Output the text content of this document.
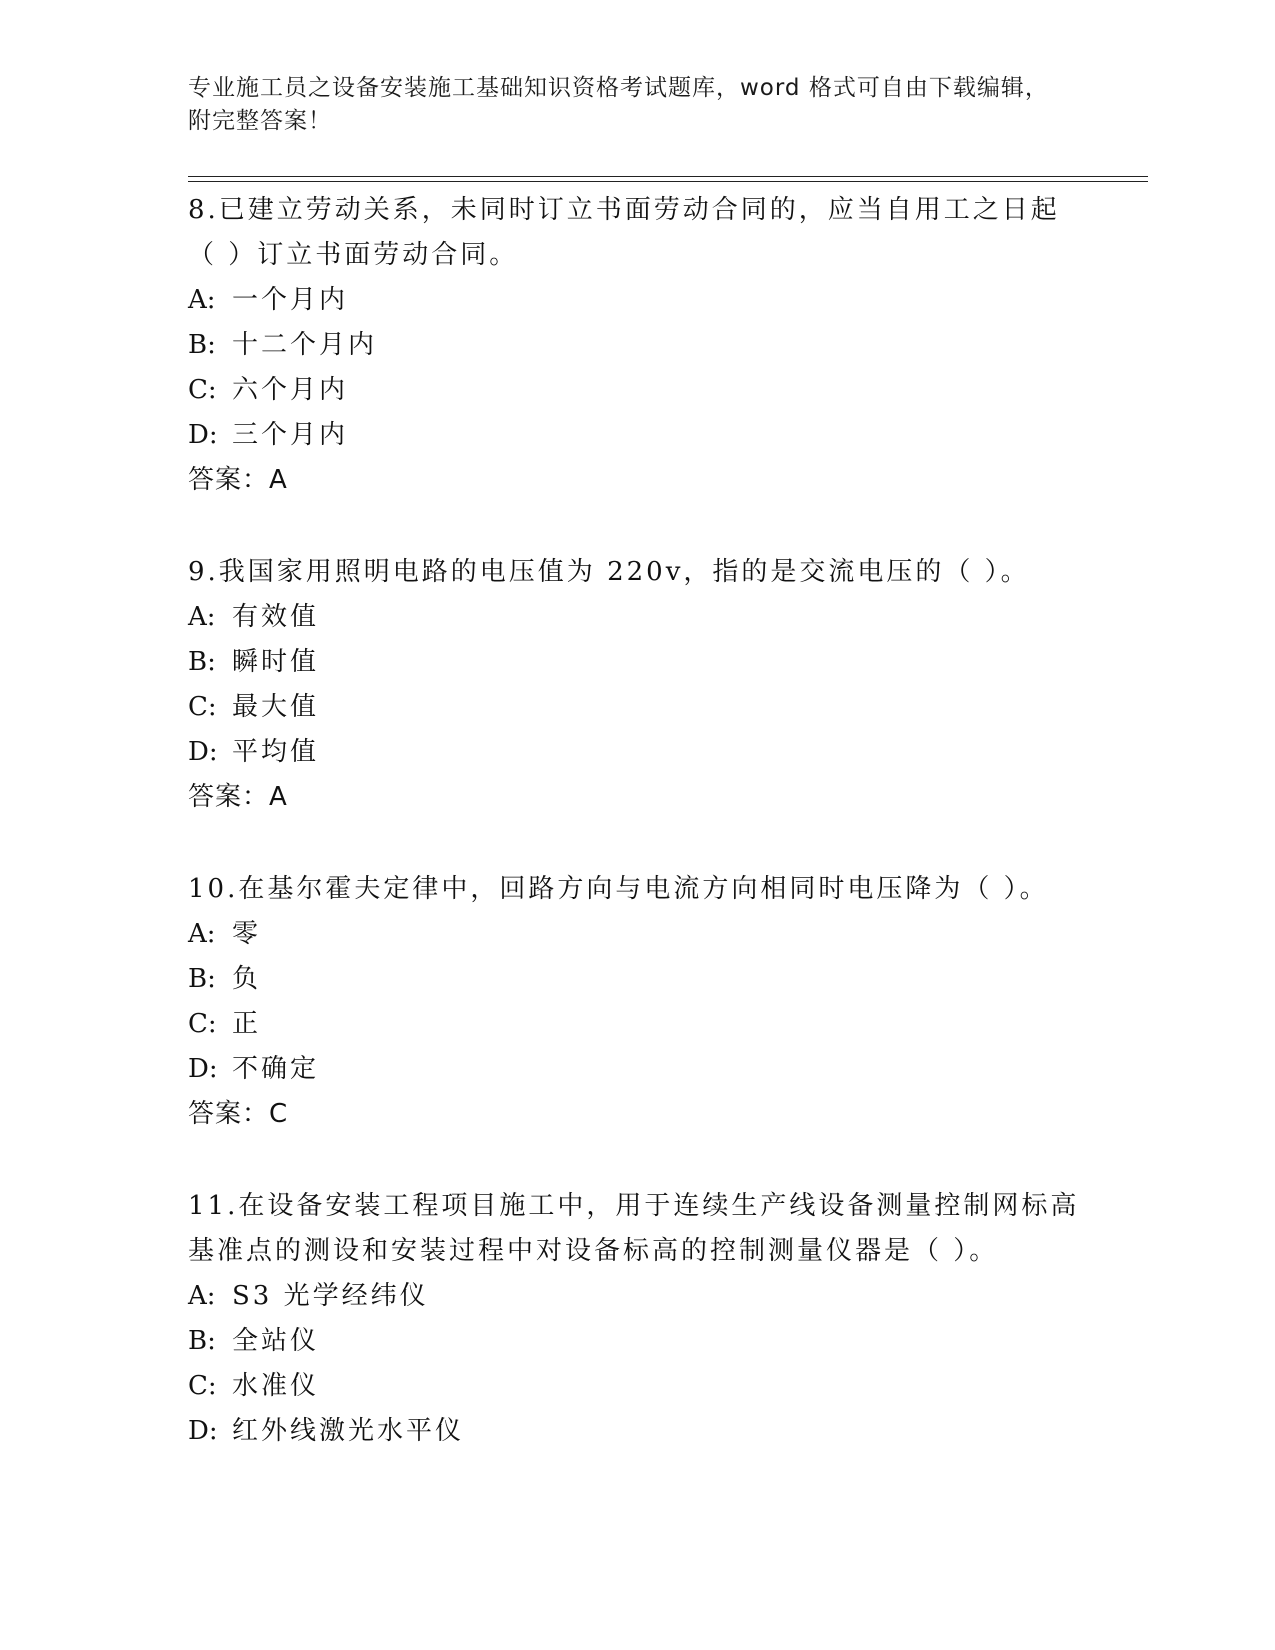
专业施工员之设备安装施工基础知识资格考试题库，word 格式可自由下载编辑，
附完整答案！
8.已建立劳动关系，未同时订立书面劳动合同的，应当自用工之日起
（ ）订立书面劳动合同。
A: 一个月内
B: 十二个月内
C: 六个月内
D: 三个月内
答案：A
9.我国家用照明电路的电压值为 220v，指的是交流电压的（ ）。
A: 有效值
B: 瞬时值
C: 最大值
D: 平均值
答案：A
10.在基尔霍夫定律中，回路方向与电流方向相同时电压降为（ ）。
A: 零
B: 负
C: 正
D: 不确定
答案：C
11.在设备安装工程项目施工中，用于连续生产线设备测量控制网标高
基准点的测设和安装过程中对设备标高的控制测量仪器是（ ）。
A: S3 光学经纬仪
B: 全站仪
C: 水准仪
D: 红外线激光水平仪
